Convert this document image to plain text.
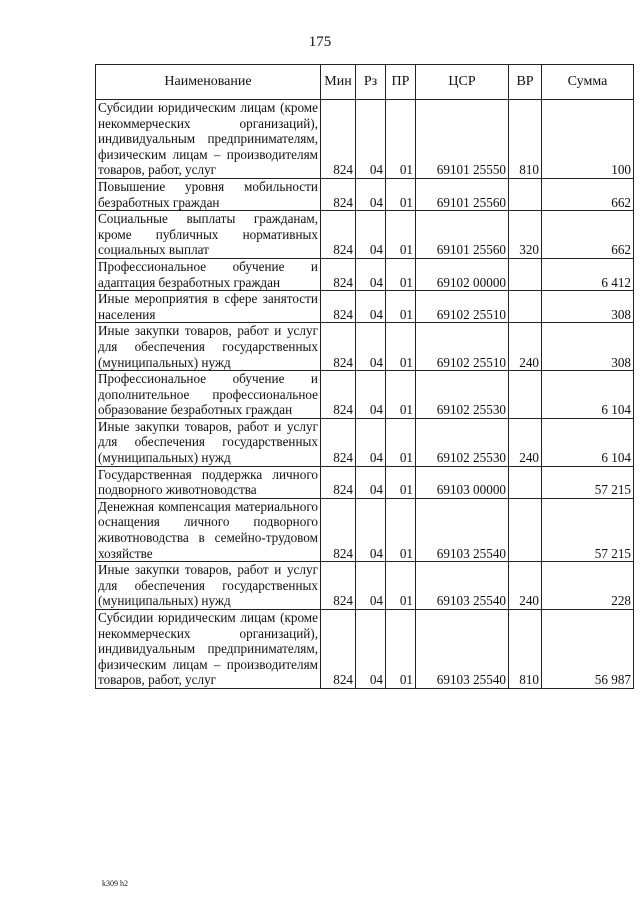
175
Наименование	Мин	Рз	ПР	ЦСР	ВР	Сумма
Субсидии юридическим лицам (кроме некоммерческих организаций), индивидуальным предпринимателям, физическим лицам – производителям товаров, работ, услуг	824	04	01	69101 25550	810	100
Повышение уровня мобильности безработных граждан	824	04	01	69101 25560		662
Социальные выплаты гражданам, кроме публичных нормативных социальных выплат	824	04	01	69101 25560	320	662
Профессиональное обучение и адаптация безработных граждан	824	04	01	69102 00000		6 412
Иные мероприятия в сфере занятости населения	824	04	01	69102 25510		308
Иные закупки товаров, работ и услуг для обеспечения государственных (муниципальных) нужд	824	04	01	69102 25510	240	308
Профессиональное обучение и дополнительное профессиональное образование безработных граждан	824	04	01	69102 25530		6 104
Иные закупки товаров, работ и услуг для обеспечения государственных (муниципальных) нужд	824	04	01	69102 25530	240	6 104
Государственная поддержка личного подворного животноводства	824	04	01	69103 00000		57 215
Денежная компенсация материального оснащения личного подворного животноводства в семейно-трудовом хозяйстве	824	04	01	69103 25540		57 215
Иные закупки товаров, работ и услуг для обеспечения государственных (муниципальных) нужд	824	04	01	69103 25540	240	228
Субсидии юридическим лицам (кроме некоммерческих организаций), индивидуальным предпринимателям, физическим лицам – производителям товаров, работ, услуг	824	04	01	69103 25540	810	56 987
k309 h2
